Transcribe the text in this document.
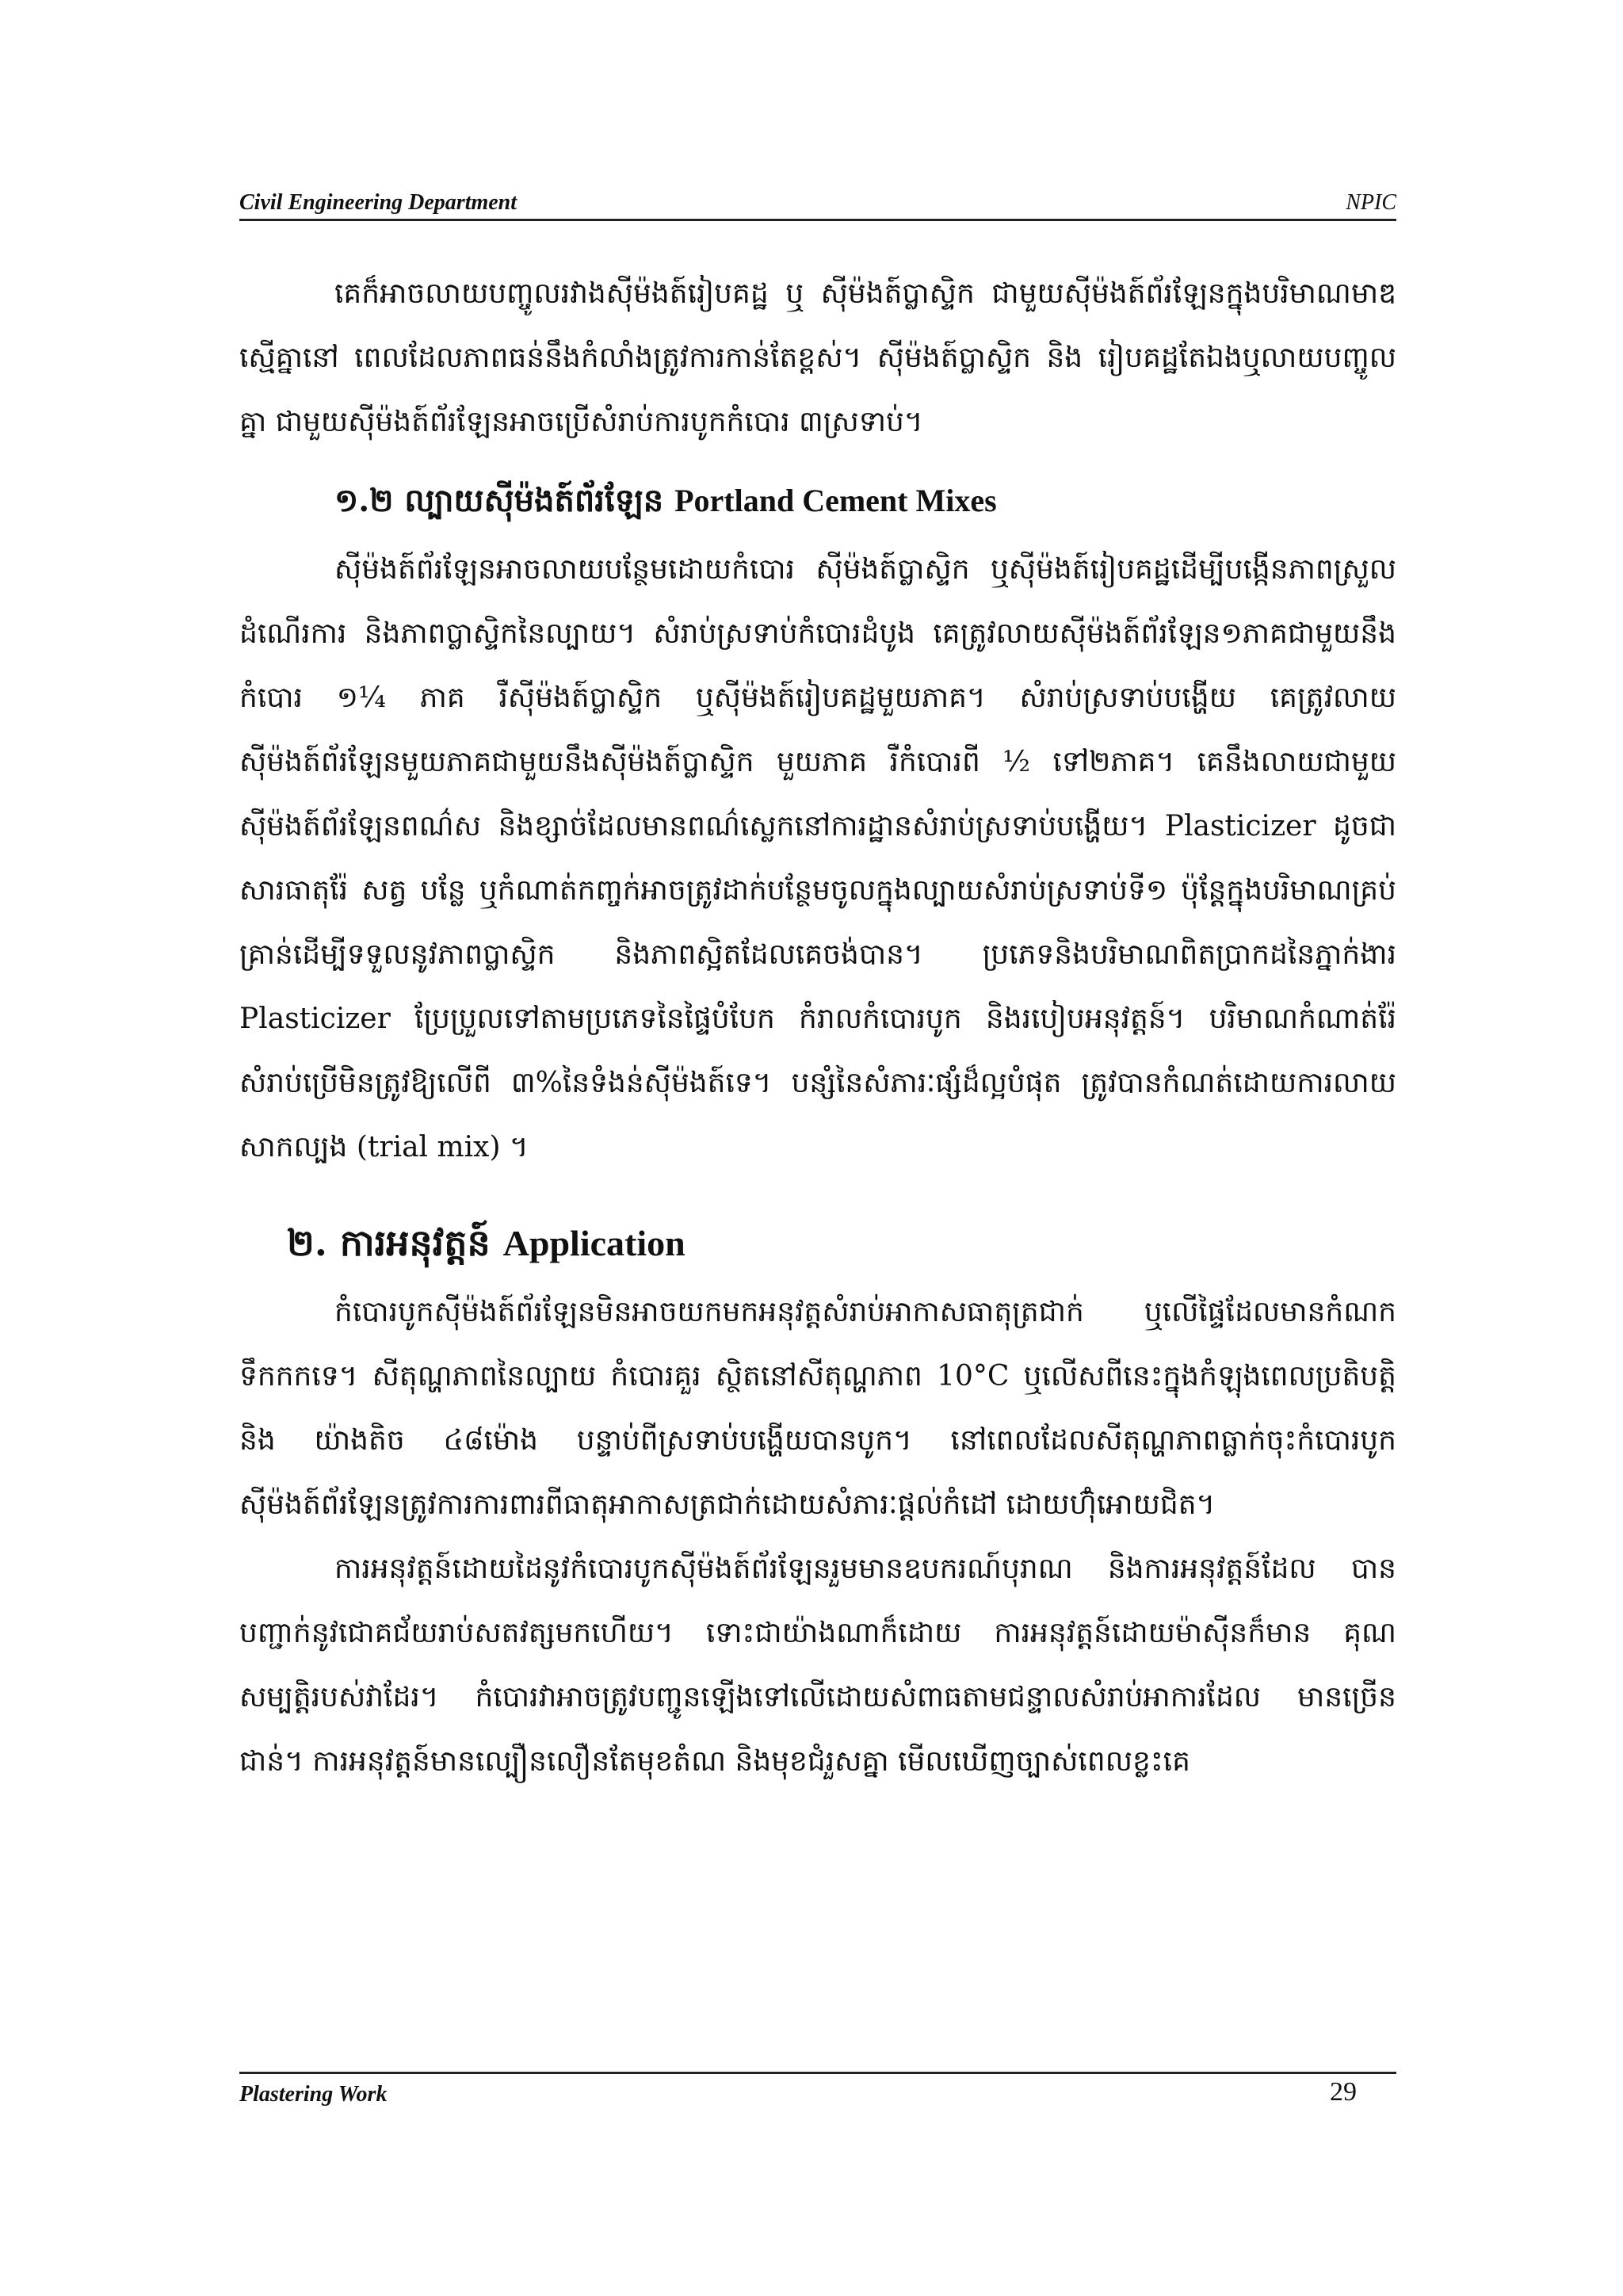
Civil Engineering Department	NPIC

គេក៏អាចលាយបញ្ចូលរវាងស៊ីម៉ងត៍រៀបគដ្ឋ ឬ ស៊ីម៉ងត៍ប្លាស្ទិក ជាមួយស៊ីម៉ងត៍ព័រឡែនក្នុងបរិមាណមាឌស្មើគ្នានៅ ពេលដែលភាពធន់នឹងកំលាំងត្រូវការកាន់តែខ្ពស់។ ស៊ីម៉ងត៍ប្លាស្ទិក និង រៀបគដ្ឋតែឯងឬលាយបញ្ចូលគ្នា ជាមួយស៊ីម៉ងត៍ព័រឡែនអាចប្រើសំរាប់ការបូកកំបោរ ៣ស្រទាប់។

១.២ ល្បាយស៊ីម៉ងត៍ព័រឡែន Portland Cement Mixes

ស៊ីម៉ងត៍ព័រឡែនអាចលាយបន្ថែមដោយកំបោរ ស៊ីម៉ងត៍ប្លាស្ទិក ឬស៊ីម៉ងត៍រៀបគដ្ឋដើម្បីបង្កើនភាពស្រួលដំណើរការ និងភាពប្លាស្ទិកនៃល្បាយ។ សំរាប់ស្រទាប់កំបោរដំបូង គេត្រូវលាយស៊ីម៉ងត៍ព័រឡែន១ភាគជាមួយនឹងកំបោរ ១¼ ភាគ រឺស៊ីម៉ងត៍ប្លាស្ទិក ឬស៊ីម៉ងត៍រៀបគដ្ឋមួយភាគ។ សំរាប់ស្រទាប់បង្ហើយ គេត្រូវលាយស៊ីម៉ងត៍ព័រឡែនមួយភាគជាមួយនឹងស៊ីម៉ងត៍ប្លាស្ទិក មួយភាគ រឺកំបោរពី ½ ទៅ២ភាគ។ គេនឹងលាយជាមួយស៊ីម៉ងត៍ព័រឡែនពណ៌ស និងខ្សាច់ដែលមានពណ៌ស្លេកនៅការដ្ឋានសំរាប់ស្រទាប់បង្ហើយ។ Plasticizer ដូចជាសារធាតុរ៉ែ សត្វ បន្លែ ឬកំណាត់កញ្ចក់អាចត្រូវដាក់បន្ថែមចូលក្នុងល្បាយសំរាប់ស្រទាប់ទី១ ប៉ុន្តែក្នុងបរិមាណគ្រប់គ្រាន់ដើម្បីទទួលនូវភាពប្លាស្ទិក និងភាពស្អិតដែលគេចង់បាន។ ប្រភេទនិងបរិមាណពិតប្រាកដនៃភ្នាក់ងារ Plasticizer ប្រែប្រួលទៅតាមប្រភេទនៃផ្ទៃបំបែក កំរាលកំបោរបូក និងរបៀបអនុវត្តន៍។ បរិមាណកំណាត់រ៉ែសំរាប់ប្រើមិនត្រូវឱ្យលើពី ៣%នៃទំងន់ស៊ីម៉ងត៍ទេ។ បន្សំនៃសំភារៈផ្សំដ៏ល្អបំផុត ត្រូវបានកំណត់ដោយការលាយសាកល្បង (trial mix) ។

២. ការអនុវត្តន៍ Application

កំបោរបូកស៊ីម៉ងត៍ព័រឡែនមិនអាចយកមកអនុវត្តសំរាប់អាកាសធាតុត្រជាក់ ឬលើផ្ទៃដែលមានកំណកទឹកកកទេ។ សីតុណ្ហភាពនៃល្បាយ កំបោរគួរ ស្ថិតនៅសីតុណ្ហភាព 10°C ឬលើសពីនេះក្នុងកំឡុងពេលប្រតិបត្តិនិង យ៉ាងតិច ៤៨ម៉ោង បន្ទាប់ពីស្រទាប់បង្ហើយបានបូក។ នៅពេលដែលសីតុណ្ហភាពធ្លាក់ចុះកំបោរបូកស៊ីម៉ងត៍ព័រឡែនត្រូវការការពារពីធាតុអាកាសត្រជាក់ដោយសំភារៈផ្តល់កំដៅ ដោយហ៊ុំអោយជិត។

ការអនុវត្តន៍ដោយដៃនូវកំបោរបូកស៊ីម៉ងត៍ព័រឡែនរួមមានឧបករណ៍បុរាណ និងការអនុវត្តន៍ដែល បានបញ្ជាក់នូវជោគជ័យរាប់សតវត្សមកហើយ។ ទោះជាយ៉ាងណាក៏ដោយ ការអនុវត្តន៍ដោយម៉ាស៊ីនក៏មាន គុណសម្បត្តិរបស់វាដែរ។ កំបោរវាអាចត្រូវបញ្ជូនឡើងទៅលើដោយសំពាធតាមជន្ទាលសំរាប់អាការដែល មានច្រើនជាន់។ ការអនុវត្តន៍មានល្បឿនលឿនតែមុខតំណ និងមុខជំរួសគ្នា មើលឃើញច្បាស់ពេលខ្លះគេ

Plastering Work	29
